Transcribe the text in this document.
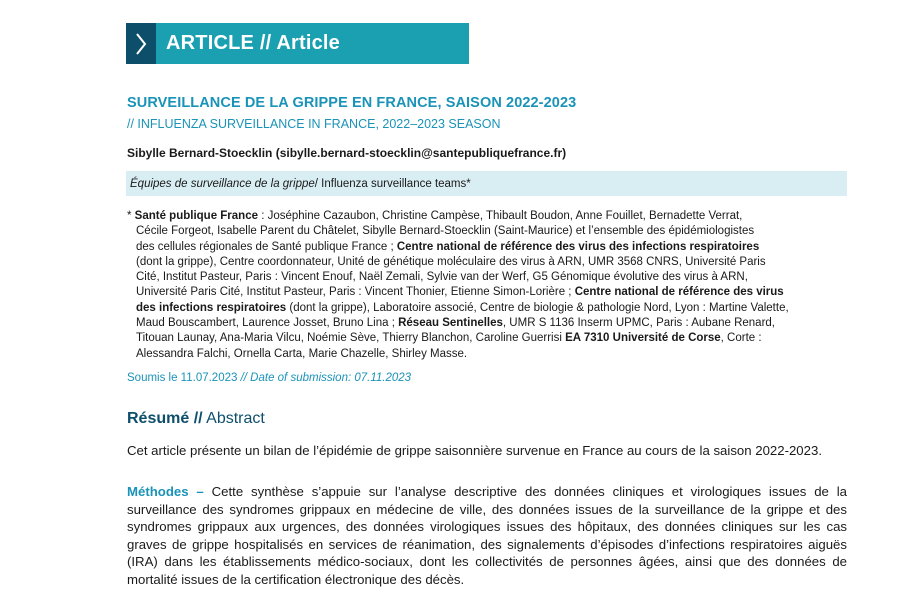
ARTICLE // Article
SURVEILLANCE DE LA GRIPPE EN FRANCE, SAISON 2022-2023
// INFLUENZA SURVEILLANCE IN FRANCE, 2022–2023 SEASON
Sibylle Bernard-Stoecklin (sibylle.bernard-stoecklin@santepubliquefrance.fr)
Équipes de surveillance de la grippe / Influenza surveillance teams*
* Santé publique France : Joséphine Cazaubon, Christine Campèse, Thibault Boudon, Anne Fouillet, Bernadette Verrat,
Cécile Forgeot, Isabelle Parent du Châtelet, Sibylle Bernard-Stoecklin (Saint-Maurice) et l’ensemble des épidémiologistes
des cellules régionales de Santé publique France ; Centre national de référence des virus des infections respiratoires
(dont la grippe), Centre coordonnateur, Unité de génétique moléculaire des virus à ARN, UMR 3568 CNRS, Université Paris
Cité, Institut Pasteur, Paris : Vincent Enouf, Naël Zemali, Sylvie van der Werf, G5 Génomique évolutive des virus à ARN,
Université Paris Cité, Institut Pasteur, Paris : Vincent Thonier, Etienne Simon-Lorière ; Centre national de référence des virus
des infections respiratoires (dont la grippe), Laboratoire associé, Centre de biologie & pathologie Nord, Lyon : Martine Valette,
Maud Bouscambert, Laurence Josset, Bruno Lina ; Réseau Sentinelles, UMR S 1136 Inserm UPMC, Paris : Aubane Renard,
Titouan Launay, Ana-Maria Vilcu, Noémie Sève, Thierry Blanchon, Caroline Guerrisi EA 7310 Université de Corse, Corte :
Alessandra Falchi, Ornella Carta, Marie Chazelle, Shirley Masse.
Soumis le 11.07.2023 // Date of submission: 07.11.2023
Résumé // Abstract
Cet article présente un bilan de l’épidémie de grippe saisonnière survenue en France au cours de la saison 2022-2023.
Méthodes – Cette synthèse s’appuie sur l’analyse descriptive des données cliniques et virologiques issues de la surveillance des syndromes grippaux en médecine de ville, des données issues de la surveillance de la grippe et des syndromes grippaux aux urgences, des données virologiques issues des hôpitaux, des données cliniques sur les cas graves de grippe hospitalisés en services de réanimation, des signalements d’épisodes d’infections respiratoires aiguës (IRA) dans les établissements médico-sociaux, dont les collectivités de personnes âgées, ainsi que des données de mortalité issues de la certification électronique des décès.
